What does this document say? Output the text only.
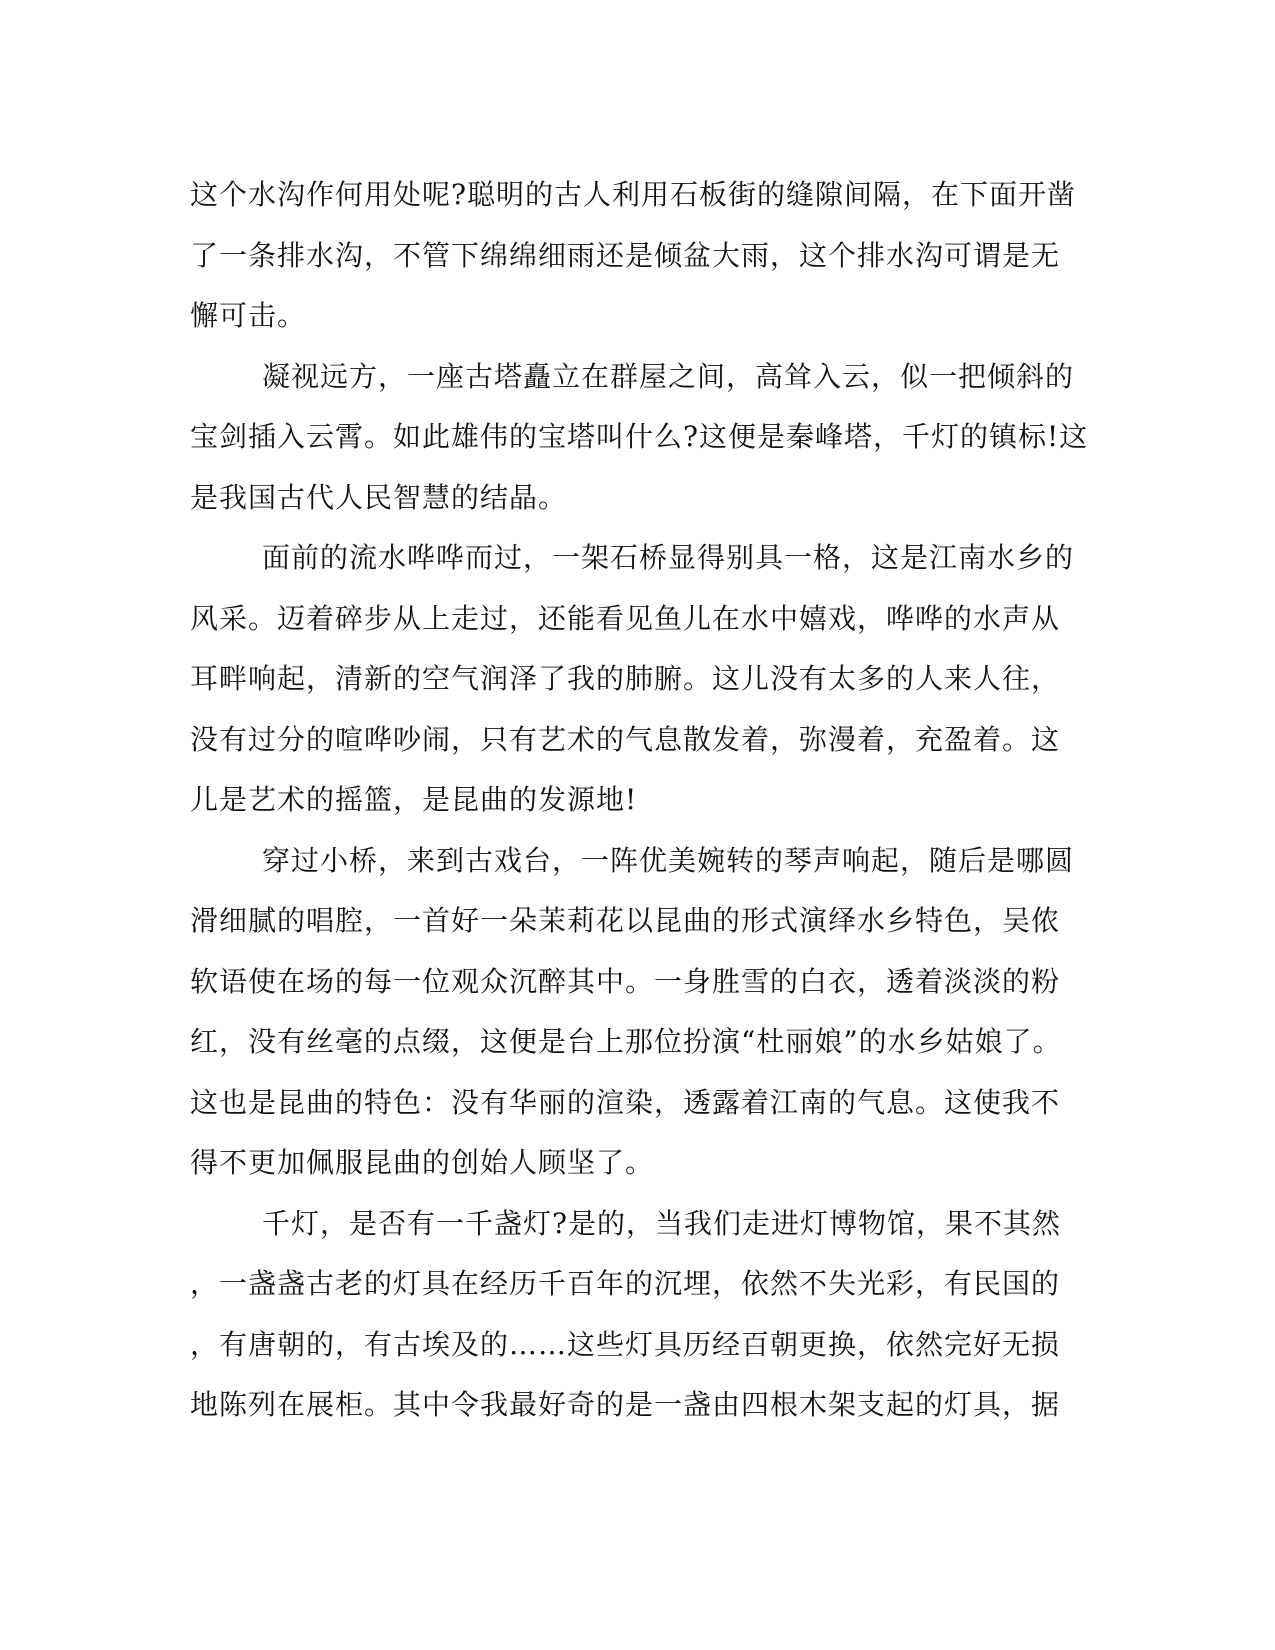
这个水沟作何用处呢?聪明的古人利用石板街的缝隙间隔，在下面开凿
了一条排水沟，不管下绵绵细雨还是倾盆大雨，这个排水沟可谓是无
懈可击。
凝视远方，一座古塔矗立在群屋之间，高耸入云，似一把倾斜的
宝剑插入云霄。如此雄伟的宝塔叫什么?这便是秦峰塔，千灯的镇标!这
是我国古代人民智慧的结晶。
面前的流水哗哗而过，一架石桥显得别具一格，这是江南水乡的
风采。迈着碎步从上走过，还能看见鱼儿在水中嬉戏，哗哗的水声从
耳畔响起，清新的空气润泽了我的肺腑。这儿没有太多的人来人往，
没有过分的喧哗吵闹，只有艺术的气息散发着，弥漫着，充盈着。这
儿是艺术的摇篮，是昆曲的发源地!
穿过小桥，来到古戏台，一阵优美婉转的琴声响起，随后是哪圆
滑细腻的唱腔，一首好一朵茉莉花以昆曲的形式演绎水乡特色，吴侬
软语使在场的每一位观众沉醉其中。一身胜雪的白衣，透着淡淡的粉
红，没有丝毫的点缀，这便是台上那位扮演“杜丽娘”的水乡姑娘了。
这也是昆曲的特色：没有华丽的渲染，透露着江南的气息。这使我不
得不更加佩服昆曲的创始人顾坚了。
千灯，是否有一千盏灯?是的，当我们走进灯博物馆，果不其然
，一盏盏古老的灯具在经历千百年的沉埋，依然不失光彩，有民国的
，有唐朝的，有古埃及的……这些灯具历经百朝更换，依然完好无损
地陈列在展柜。其中令我最好奇的是一盏由四根木架支起的灯具，据
